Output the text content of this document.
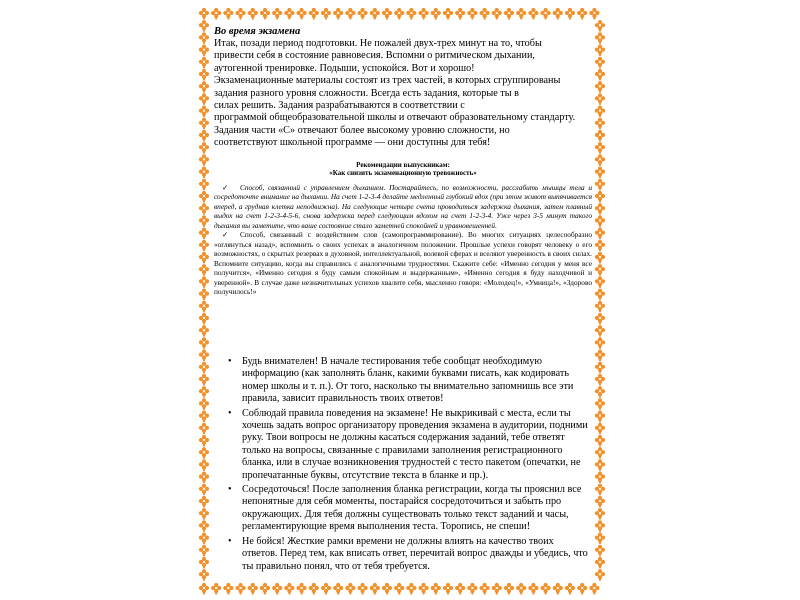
Во время экзамена

Итак, позади период подготовки. Не пожалей двух-трех минут на то, чтобы

привести себя в состояние равновесия. Вспомни о ритмическом дыхании,

аутогенной тренировке. Подыши, успокойся. Вот и хорошо!

Экзаменационные материалы состоят из трех частей, в которых сгруппированы

задания разного уровня сложности. Всегда есть задания, которые ты в

силах решить. Задания разрабатываются в соответствии с

программой общеобразовательной школы и отвечают образовательному стандарту.

Задания части «С» отвечают более высокому уровню сложности, но

соответствуют школьной программе — они доступны для тебя!

Рекомендации выпускникам:
«Как снизить экзаменационную тревожность»

✓ Способ, связанный с управлением дыханием. Постарайтесь, по возможности, расслабить мышцы тела и сосредоточте внимание на дыхании. На счет 1-2-3-4 делайте медленный глубокий вдох (при этом живот выпячивается вперед, а грудная клетка неподвижна). На следующие четыре счета проводиться задержка дыхания, затем плавный выдох на счет 1-2-3-4-5-6, снова задержка перед следующим вдохом на счет 1-2-3-4. Уже через 3-5 минут такого дыхания вы заметите, что ваше состояние стало заметней спокойней и уравновешенней.

✓ Способ, связанный с воздействием слов (самопрограммирование). Во многих ситуациях целесообразно «оглянуться назад», вспомнить о своих успехах в аналогичном положении. Прошлые успехи говорят человеку о его возможностях, о скрытых резервах в духовной, интеллектуальной, волевой сферах и вселяют уверенность в своих силах. Вспомните ситуацию, когда вы справились с аналогичными трудностями. Скажите себе: «Именно сегодня у меня все получится», «Именно сегодня я буду самым спокойным и выдержанным», «Именно сегодня я буду находчивой и уверенной». В случае даже незначительных успехов хвалите себя, мысленно говоря: «Молодец!», «Умница!», «Здорово получилось!»

• Будь внимателен! В начале тестирования тебе сообщат необходимую информацию (как заполнять бланк, какими буквами писать, как кодировать номер школы и т. п.). От того, насколько ты внимательно запомнишь все эти правила, зависит правильность твоих ответов!
• Соблюдай правила поведения на экзамене! Не выкрикивай с места, если ты хочешь задать вопрос организатору проведения экзамена в аудитории, подними руку. Твои вопросы не должны касаться содержания заданий, тебе ответят только на вопросы, связанные с правилами заполнения регистрационного бланка, или в случае возникновения трудностей с тесто пакетом (опечатки, не пропечатанные буквы, отсутствие текста в бланке и пр.).
• Сосредоточься! После заполнения бланка регистрации, когда ты прояснил все непонятные для себя моменты, постарайся сосредоточиться и забыть про окружающих. Для тебя должны существовать только текст заданий и часы, регламентирующие время выполнения теста. Торопись, не спеши!
• Не бойся! Жесткие рамки времени не должны влиять на качество твоих ответов. Перед тем, как вписать ответ, перечитай вопрос дважды и убедись, что ты правильно понял, что от тебя требуется.
